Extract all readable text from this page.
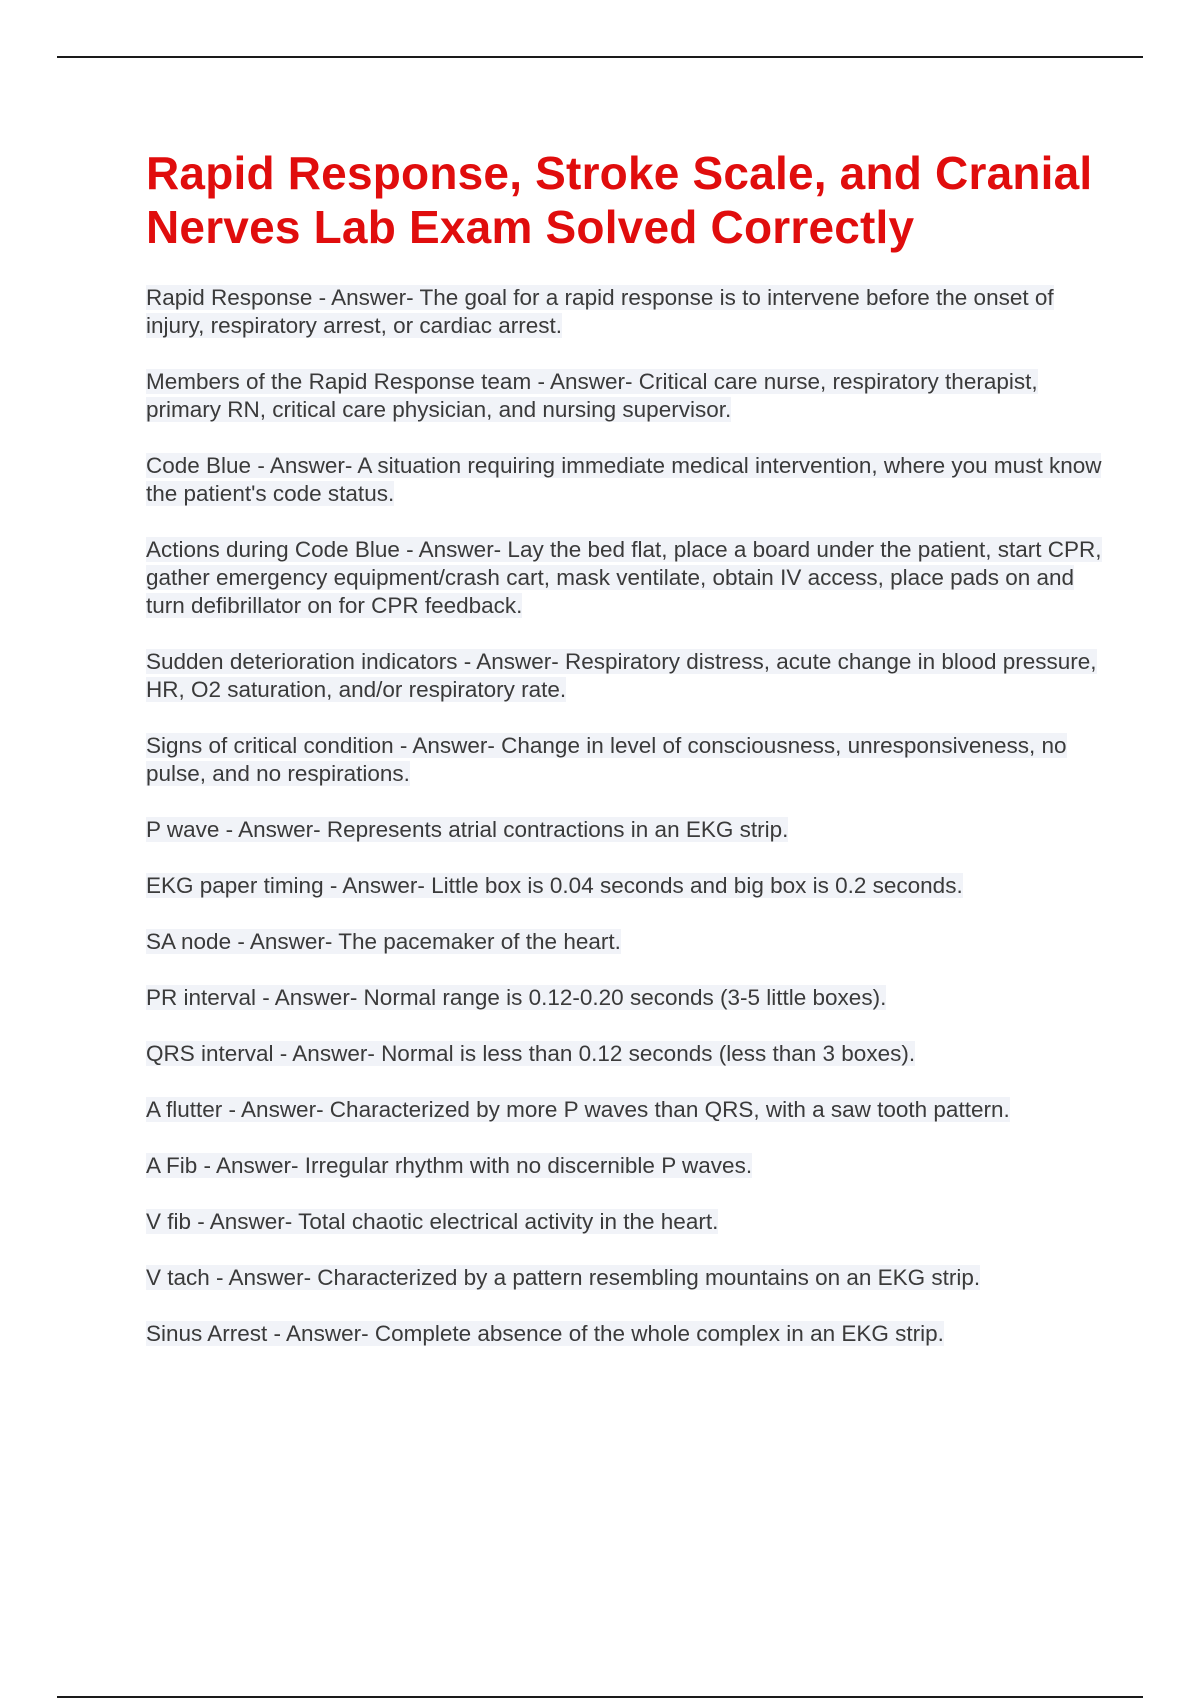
Rapid Response, Stroke Scale, and Cranial Nerves Lab Exam Solved Correctly
Rapid Response - Answer- The goal for a rapid response is to intervene before the onset of injury, respiratory arrest, or cardiac arrest.
Members of the Rapid Response team - Answer- Critical care nurse, respiratory therapist, primary RN, critical care physician, and nursing supervisor.
Code Blue - Answer- A situation requiring immediate medical intervention, where you must know the patient's code status.
Actions during Code Blue - Answer- Lay the bed flat, place a board under the patient, start CPR, gather emergency equipment/crash cart, mask ventilate, obtain IV access, place pads on and turn defibrillator on for CPR feedback.
Sudden deterioration indicators - Answer- Respiratory distress, acute change in blood pressure, HR, O2 saturation, and/or respiratory rate.
Signs of critical condition - Answer- Change in level of consciousness, unresponsiveness, no pulse, and no respirations.
P wave - Answer- Represents atrial contractions in an EKG strip.
EKG paper timing - Answer- Little box is 0.04 seconds and big box is 0.2 seconds.
SA node - Answer- The pacemaker of the heart.
PR interval - Answer- Normal range is 0.12-0.20 seconds (3-5 little boxes).
QRS interval - Answer- Normal is less than 0.12 seconds (less than 3 boxes).
A flutter - Answer- Characterized by more P waves than QRS, with a saw tooth pattern.
A Fib - Answer- Irregular rhythm with no discernible P waves.
V fib - Answer- Total chaotic electrical activity in the heart.
V tach - Answer- Characterized by a pattern resembling mountains on an EKG strip.
Sinus Arrest - Answer- Complete absence of the whole complex in an EKG strip.
